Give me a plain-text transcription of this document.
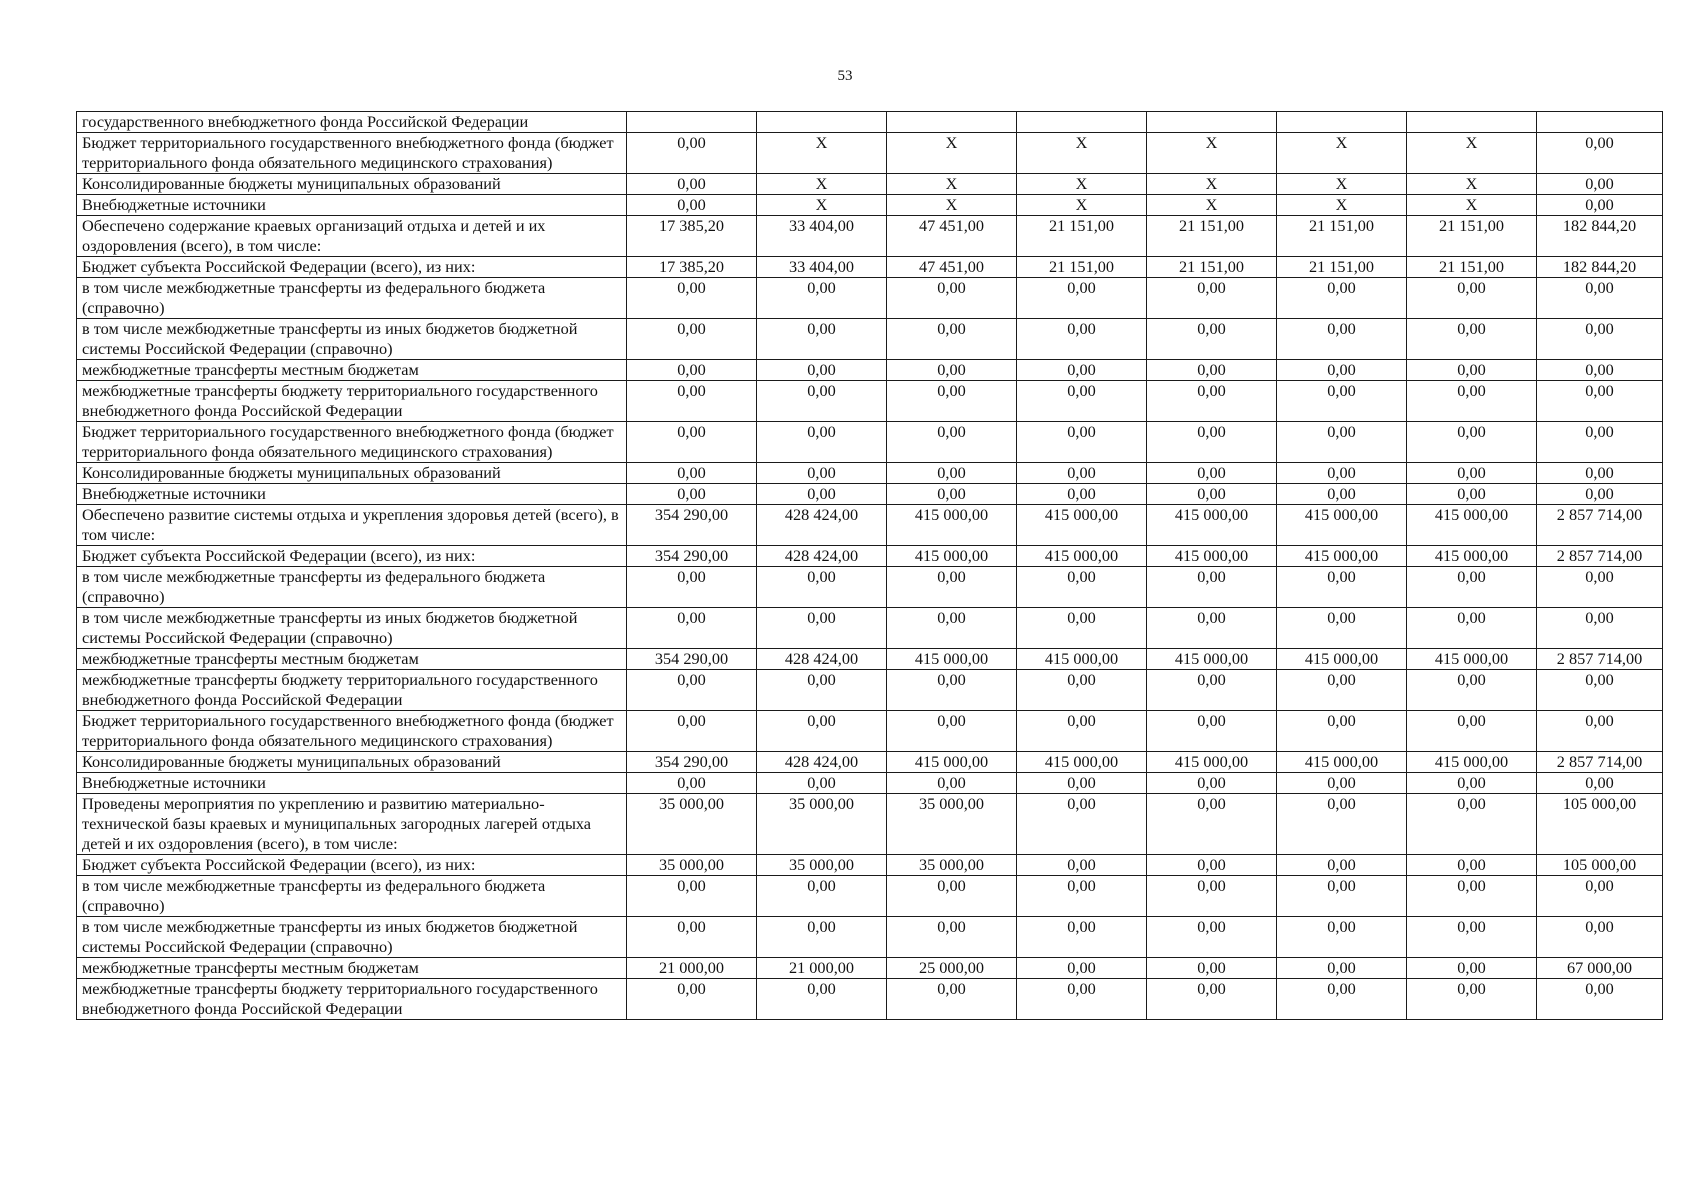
53
государственного внебюджетного фонда Российской Федерации								
Бюджет территориального государственного внебюджетного фонда (бюджет территориального фонда обязательного медицинского страхования)	0,00	X	X	X	X	X	X	0,00
Консолидированные бюджеты муниципальных образований	0,00	X	X	X	X	X	X	0,00
Внебюджетные источники	0,00	X	X	X	X	X	X	0,00
Обеспечено содержание краевых организаций отдыха и детей и их оздоровления (всего), в том числе:	17 385,20	33 404,00	47 451,00	21 151,00	21 151,00	21 151,00	21 151,00	182 844,20
Бюджет субъекта Российской Федерации (всего), из них:	17 385,20	33 404,00	47 451,00	21 151,00	21 151,00	21 151,00	21 151,00	182 844,20
в том числе межбюджетные трансферты из федерального бюджета (справочно)	0,00	0,00	0,00	0,00	0,00	0,00	0,00	0,00
в том числе межбюджетные трансферты из иных бюджетов бюджетной системы Российской Федерации (справочно)	0,00	0,00	0,00	0,00	0,00	0,00	0,00	0,00
межбюджетные трансферты местным бюджетам	0,00	0,00	0,00	0,00	0,00	0,00	0,00	0,00
межбюджетные трансферты бюджету территориального государственного внебюджетного фонда Российской Федерации	0,00	0,00	0,00	0,00	0,00	0,00	0,00	0,00
Бюджет территориального государственного внебюджетного фонда (бюджет территориального фонда обязательного медицинского страхования)	0,00	0,00	0,00	0,00	0,00	0,00	0,00	0,00
Консолидированные бюджеты муниципальных образований	0,00	0,00	0,00	0,00	0,00	0,00	0,00	0,00
Внебюджетные источники	0,00	0,00	0,00	0,00	0,00	0,00	0,00	0,00
Обеспечено развитие системы отдыха и укрепления здоровья детей (всего), в том числе:	354 290,00	428 424,00	415 000,00	415 000,00	415 000,00	415 000,00	415 000,00	2 857 714,00
Бюджет субъекта Российской Федерации (всего), из них:	354 290,00	428 424,00	415 000,00	415 000,00	415 000,00	415 000,00	415 000,00	2 857 714,00
в том числе межбюджетные трансферты из федерального бюджета (справочно)	0,00	0,00	0,00	0,00	0,00	0,00	0,00	0,00
в том числе межбюджетные трансферты из иных бюджетов бюджетной системы Российской Федерации (справочно)	0,00	0,00	0,00	0,00	0,00	0,00	0,00	0,00
межбюджетные трансферты местным бюджетам	354 290,00	428 424,00	415 000,00	415 000,00	415 000,00	415 000,00	415 000,00	2 857 714,00
межбюджетные трансферты бюджету территориального государственного внебюджетного фонда Российской Федерации	0,00	0,00	0,00	0,00	0,00	0,00	0,00	0,00
Бюджет территориального государственного внебюджетного фонда (бюджет территориального фонда обязательного медицинского страхования)	0,00	0,00	0,00	0,00	0,00	0,00	0,00	0,00
Консолидированные бюджеты муниципальных образований	354 290,00	428 424,00	415 000,00	415 000,00	415 000,00	415 000,00	415 000,00	2 857 714,00
Внебюджетные источники	0,00	0,00	0,00	0,00	0,00	0,00	0,00	0,00
Проведены мероприятия по укреплению и развитию материально-технической базы краевых и муниципальных загородных лагерей отдыха детей и их оздоровления (всего), в том числе:	35 000,00	35 000,00	35 000,00	0,00	0,00	0,00	0,00	105 000,00
Бюджет субъекта Российской Федерации (всего), из них:	35 000,00	35 000,00	35 000,00	0,00	0,00	0,00	0,00	105 000,00
в том числе межбюджетные трансферты из федерального бюджета (справочно)	0,00	0,00	0,00	0,00	0,00	0,00	0,00	0,00
в том числе межбюджетные трансферты из иных бюджетов бюджетной системы Российской Федерации (справочно)	0,00	0,00	0,00	0,00	0,00	0,00	0,00	0,00
межбюджетные трансферты местным бюджетам	21 000,00	21 000,00	25 000,00	0,00	0,00	0,00	0,00	67 000,00
межбюджетные трансферты бюджету территориального государственного внебюджетного фонда Российской Федерации	0,00	0,00	0,00	0,00	0,00	0,00	0,00	0,00
